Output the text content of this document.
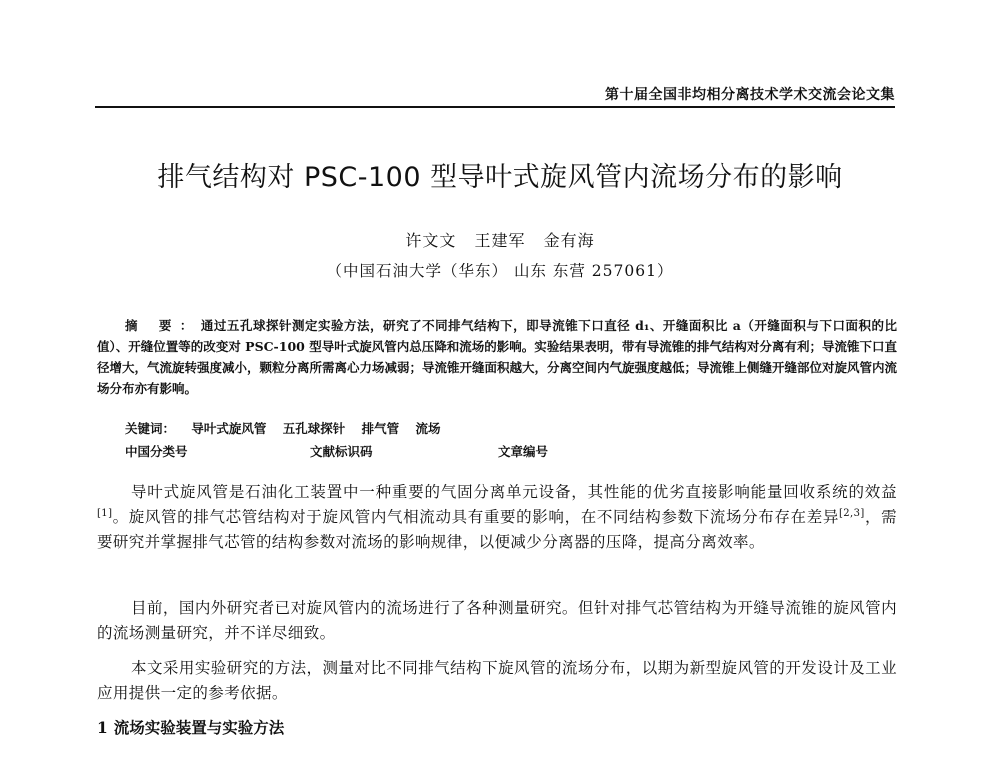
第十届全国非均相分离技术学术交流会论文集
排气结构对 PSC-100 型导叶式旋风管内流场分布的影响
许文文 王建军 金有海
（中国石油大学（华东） 山东 东营 257061）

摘 要：通过五孔球探针测定实验方法，研究了不同排气结构下，即导流锥下口直径 d₁、开缝面积比 a（开缝面积与下口面积的比值）、开缝位置等的改变对 PSC-100 型导叶式旋风管内总压降和流场的影响。实验结果表明，带有导流锥的排气结构对分离有利；导流锥下口直径增大，气流旋转强度减小，颗粒分离所需离心力场减弱；导流锥开缝面积越大，分离空间内气旋强度越低；导流锥上侧缝开缝部位对旋风管内流场分布亦有影响。

关键词： 导叶式旋风管 五孔球探针 排气管 流场
中国分类号	文献标识码	文章编号

导叶式旋风管是石油化工装置中一种重要的气固分离单元设备，其性能的优劣直接影响能量回收系统的效益[1]。旋风管的排气芯管结构对于旋风管内气相流动具有重要的影响，在不同结构参数下流场分布存在差异[2,3]，需要研究并掌握排气芯管的结构参数对流场的影响规律，以便减少分离器的压降，提高分离效率。

目前，国内外研究者已对旋风管内的流场进行了各种测量研究。但针对排气芯管结构为开缝导流锥的旋风管内的流场测量研究，并不详尽细致。

本文采用实验研究的方法，测量对比不同排气结构下旋风管的流场分布，以期为新型旋风管的开发设计及工业应用提供一定的参考依据。

1 流场实验装置与实验方法
